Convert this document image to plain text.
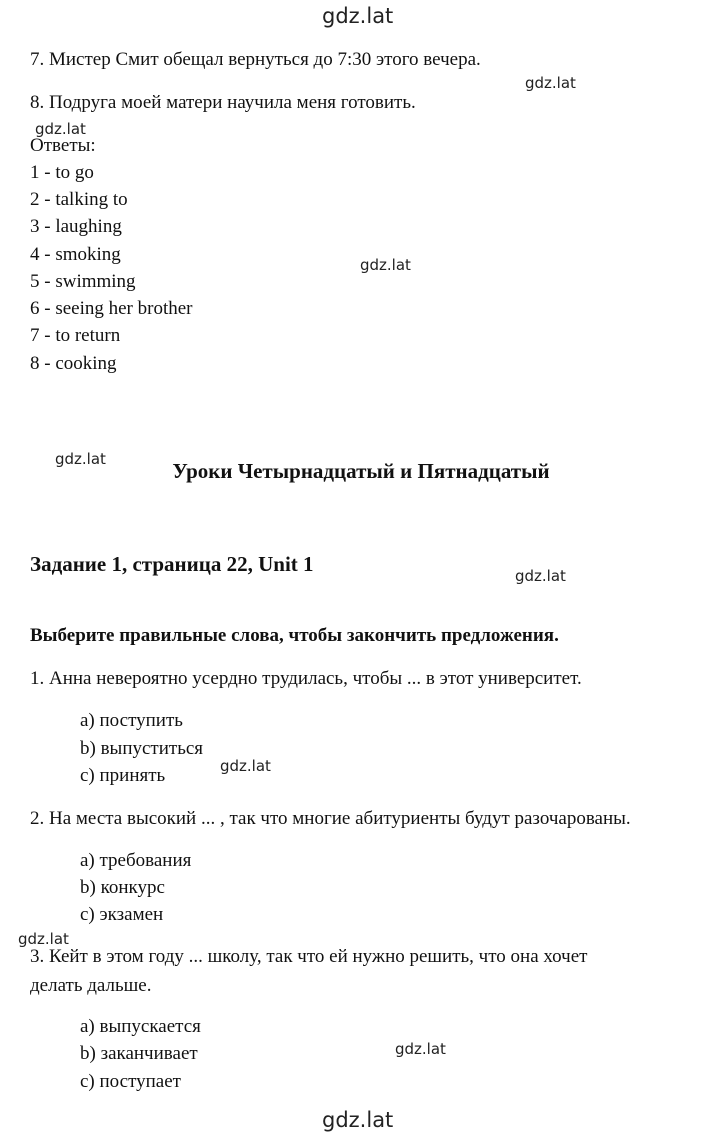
gdz.lat
gdz.lat
gdz.lat
gdz.lat
gdz.lat
gdz.lat
gdz.lat
gdz.lat
gdz.lat
gdz.lat
7. Мистер Смит обещал вернуться до 7:30 этого вечера.
8. Подруга моей матери научила меня готовить.
Ответы:
1 - to go
2 - talking to
3 - laughing
4 - smoking
5 - swimming
6 - seeing her brother
7 - to return
8 - cooking
Уроки Четырнадцатый и Пятнадцатый
Задание 1, страница 22, Unit 1
Выберите правильные слова, чтобы закончить предложения.
1. Анна невероятно усердно трудилась, чтобы ... в этот университет.
a) поступить
b) выпуститься
c) принять
2. На места высокий ... , так что многие абитуриенты будут разочарованы.
a) требования
b) конкурс
c) экзамен
3. Кейт в этом году ... школу, так что ей нужно решить, что она хочет
делать дальше.
a) выпускается
b) заканчивает
c) поступает
